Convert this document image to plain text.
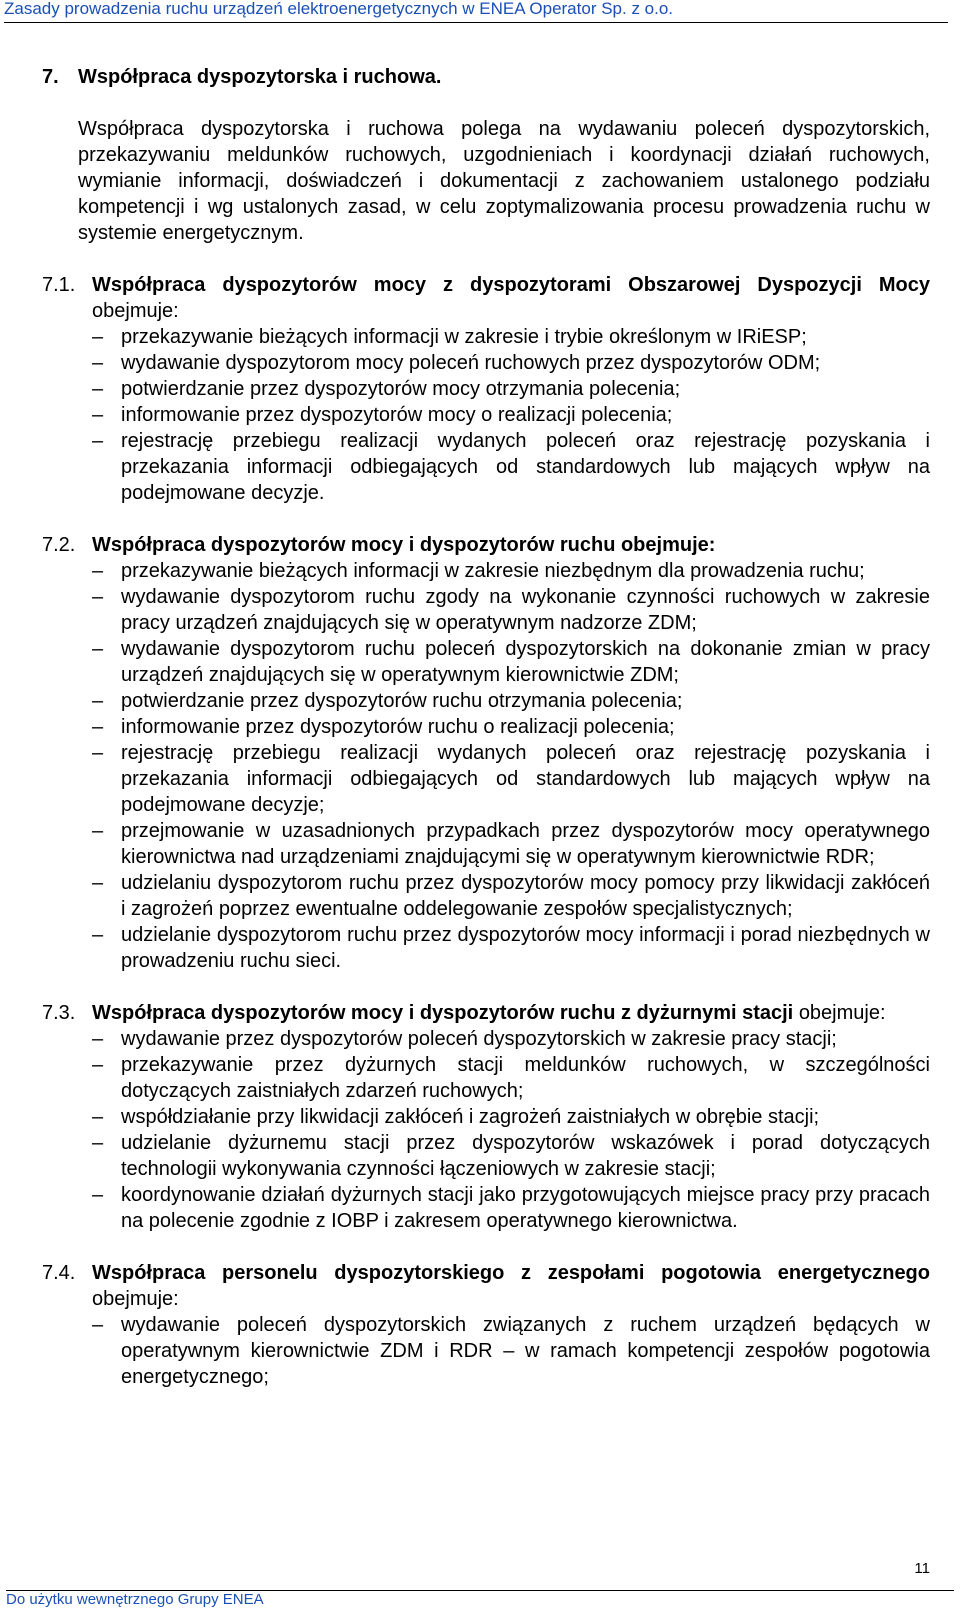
Zasady prowadzenia ruchu urządzeń elektroenergetycznych w ENEA Operator Sp. z o.o.
7. Współpraca dyspozytorska i ruchowa.

Współpraca dyspozytorska i ruchowa polega na wydawaniu poleceń dyspozytorskich, przekazywaniu meldunków ruchowych, uzgodnieniach i koordynacji działań ruchowych, wymianie informacji, doświadczeń i dokumentacji z zachowaniem ustalonego podziału kompetencji i wg ustalonych zasad, w celu zoptymalizowania procesu prowadzenia ruchu w systemie energetycznym.

7.1. Współpraca dyspozytorów mocy z dyspozytorami Obszarowej Dyspozycji Mocy obejmuje:
– przekazywanie bieżących informacji w zakresie i trybie określonym w IRiESP;
– wydawanie dyspozytorom mocy poleceń ruchowych przez dyspozytorów ODM;
– potwierdzanie przez dyspozytorów mocy otrzymania polecenia;
– informowanie przez dyspozytorów mocy o realizacji polecenia;
– rejestrację przebiegu realizacji wydanych poleceń oraz rejestrację pozyskania i przekazania informacji odbiegających od standardowych lub mających wpływ na podejmowane decyzje.
7.2. Współpraca dyspozytorów mocy i dyspozytorów ruchu obejmuje:
– przekazywanie bieżących informacji w zakresie niezbędnym dla prowadzenia ruchu;
– wydawanie dyspozytorom ruchu zgody na wykonanie czynności ruchowych w zakresie pracy urządzeń znajdujących się w operatywnym nadzorze ZDM;
– wydawanie dyspozytorom ruchu poleceń dyspozytorskich na dokonanie zmian w pracy urządzeń znajdujących się w operatywnym kierownictwie ZDM;
– potwierdzanie przez dyspozytorów ruchu otrzymania polecenia;
– informowanie przez dyspozytorów ruchu o realizacji polecenia;
– rejestrację przebiegu realizacji wydanych poleceń oraz rejestrację pozyskania i przekazania informacji odbiegających od standardowych lub mających wpływ na podejmowane decyzje;
– przejmowanie w uzasadnionych przypadkach przez dyspozytorów mocy operatywnego kierownictwa nad urządzeniami znajdującymi się w operatywnym kierownictwie RDR;
– udzielaniu dyspozytorom ruchu przez dyspozytorów mocy pomocy przy likwidacji zakłóceń i zagrożeń poprzez ewentualne oddelegowanie zespołów specjalistycznych;
– udzielanie dyspozytorom ruchu przez dyspozytorów mocy informacji i porad niezbędnych w prowadzeniu ruchu sieci.
7.3. Współpraca dyspozytorów mocy i dyspozytorów ruchu z dyżurnymi stacji obejmuje:
– wydawanie przez dyspozytorów poleceń dyspozytorskich w zakresie pracy stacji;
– przekazywanie przez dyżurnych stacji meldunków ruchowych, w szczególności dotyczących zaistniałych zdarzeń ruchowych;
– współdziałanie przy likwidacji zakłóceń i zagrożeń zaistniałych w obrębie stacji;
– udzielanie dyżurnemu stacji przez dyspozytorów wskazówek i porad dotyczących technologii wykonywania czynności łączeniowych w zakresie stacji;
– koordynowanie działań dyżurnych stacji jako przygotowujących miejsce pracy przy pracach na polecenie zgodnie z IOBP i zakresem operatywnego kierownictwa.
7.4. Współpraca personelu dyspozytorskiego z zespołami pogotowia energetycznego obejmuje:
– wydawanie poleceń dyspozytorskich związanych z ruchem urządzeń będących w operatywnym kierownictwie ZDM i RDR – w ramach kompetencji zespołów pogotowia energetycznego;
11
Do użytku wewnętrznego Grupy ENEA
